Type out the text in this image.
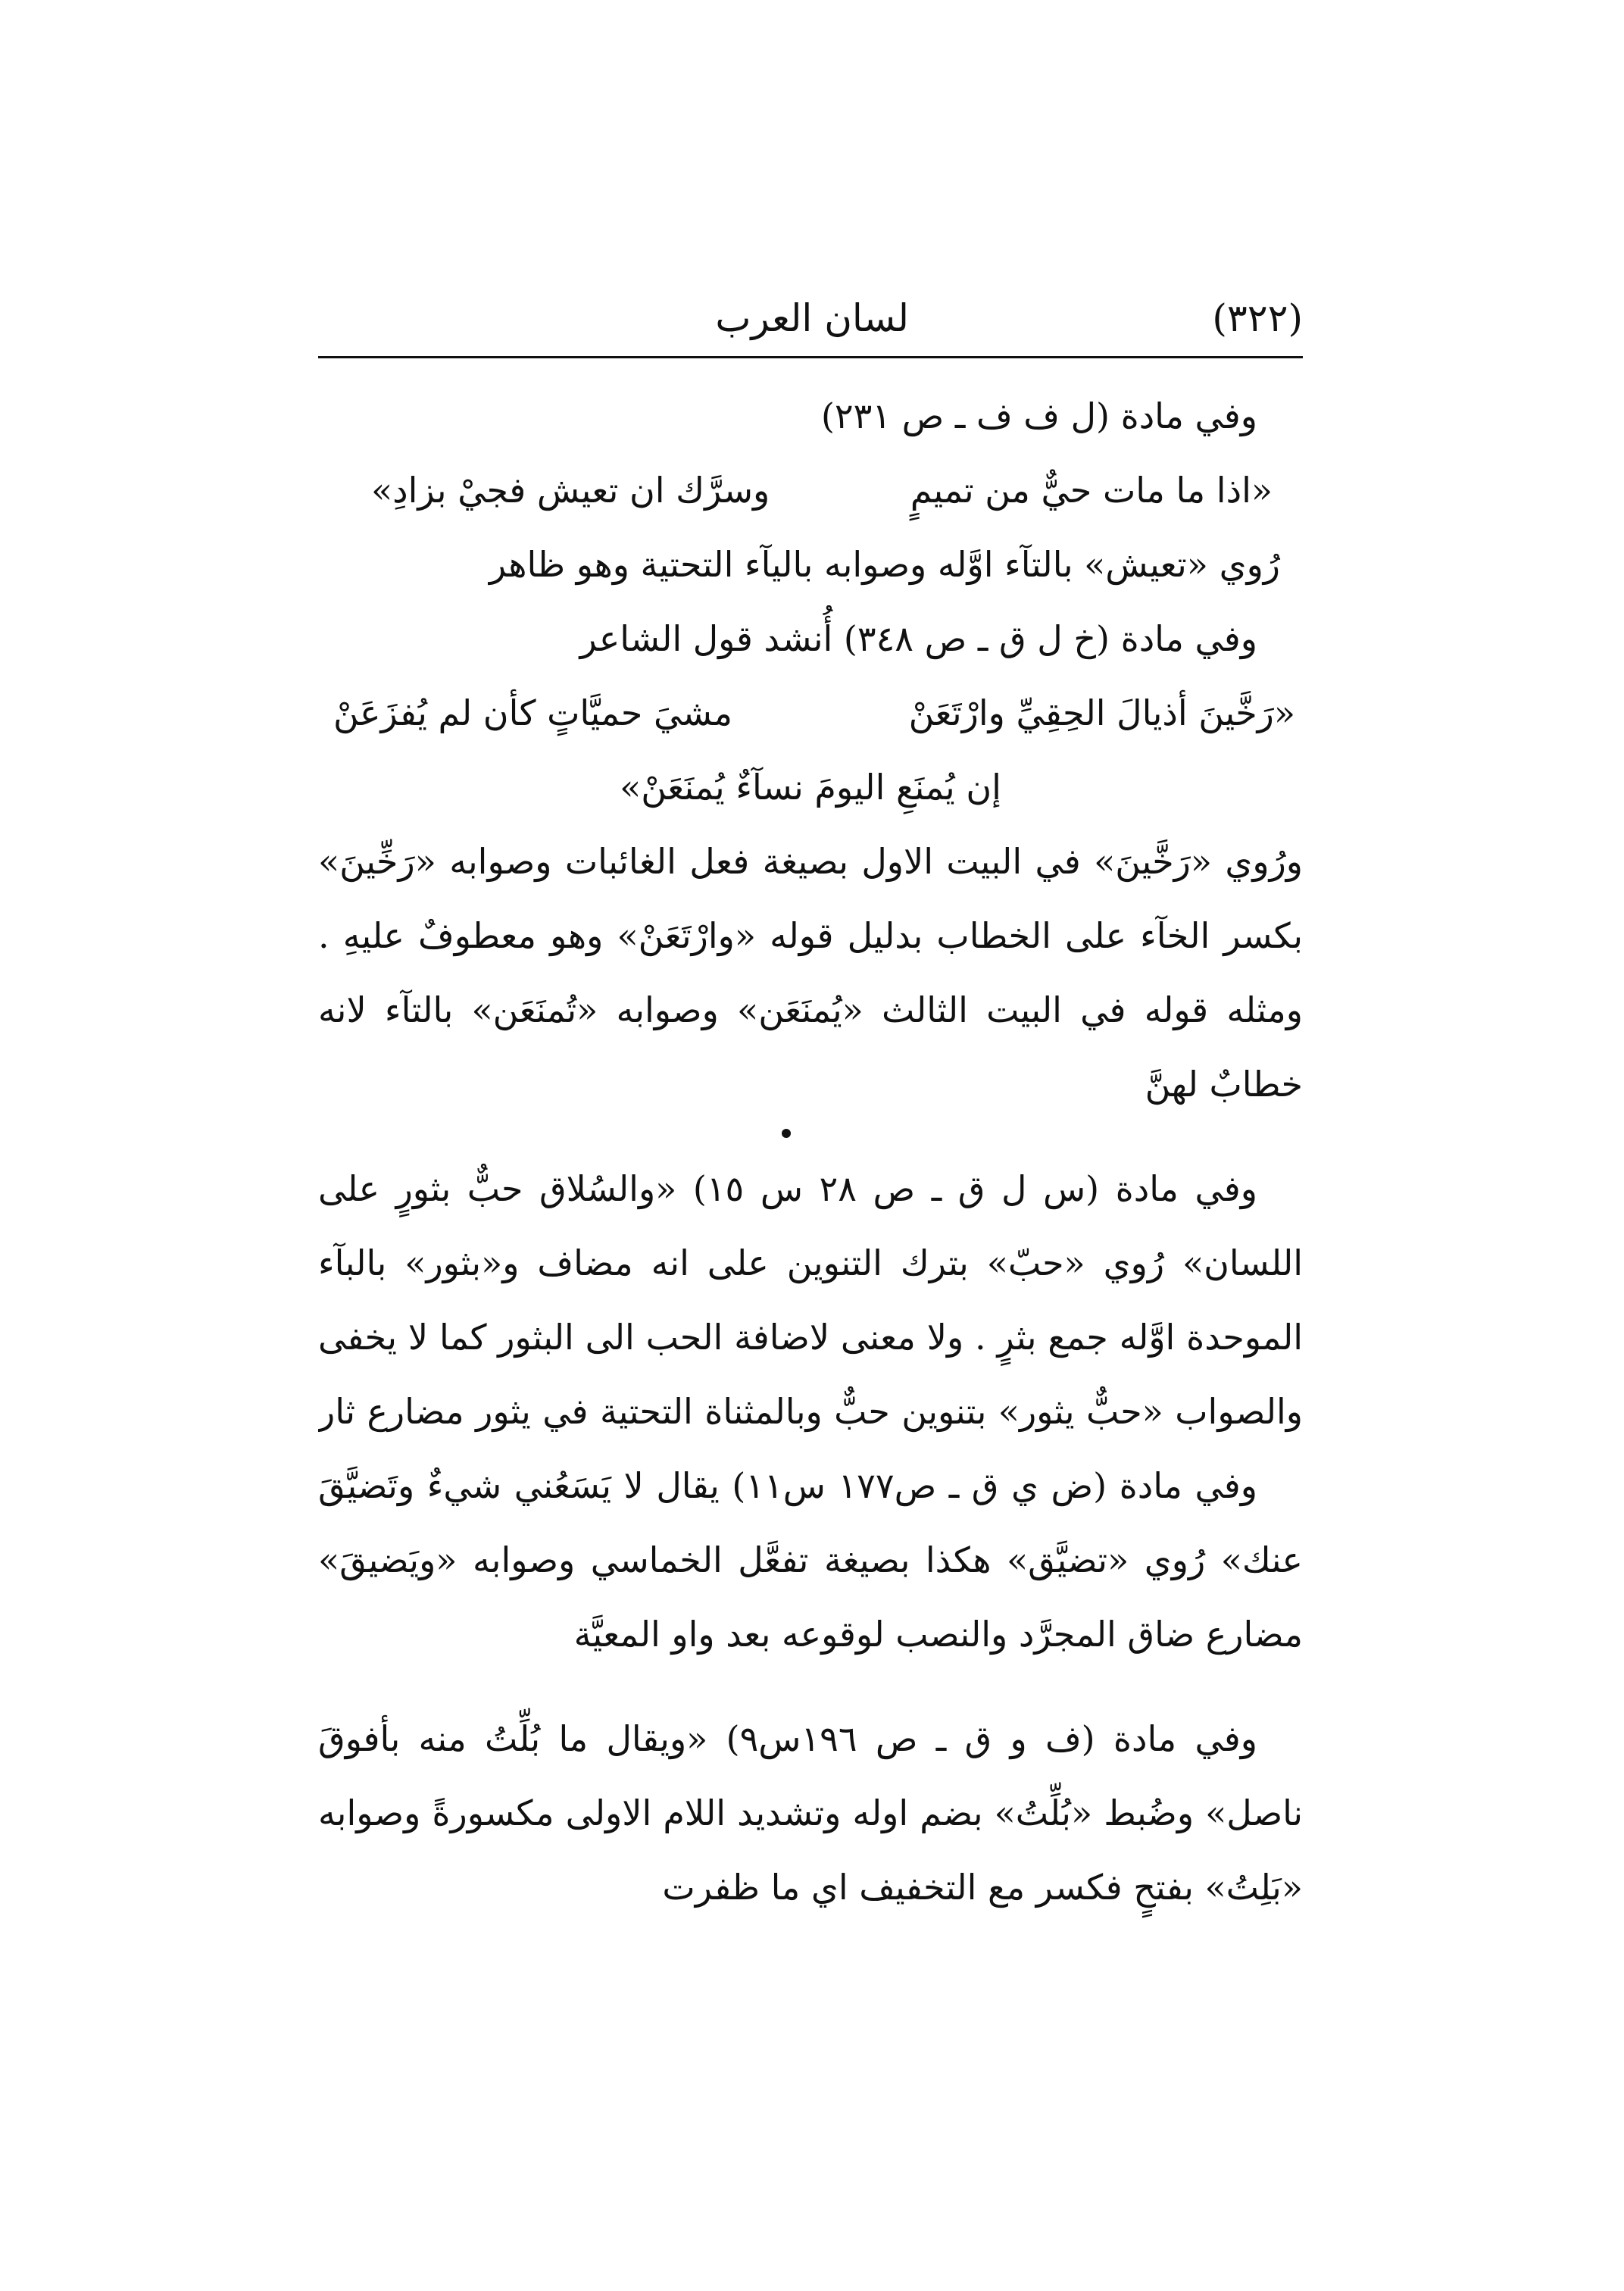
(٣٢٢)
لسان العرب
وفي مادة (ل ف ف ـ ص ٢٣١)
«اذا ما مات حيٌّ من تميمٍ
وسرَّك ان تعيش فجيْ بزادِ»
رُوي «تعيش» بالتآء اوَّله وصوابه باليآء التحتية وهو ظاهر
وفي مادة (خ ل ق ـ ص ٣٤٨) أُنشد قول الشاعر
«رَخَّينَ أذيالَ الحِقِيِّ وارْتَعَنْ
مشيَ حميَّاتٍ كأن لم يُفزَعَنْ
إن يُمنَعِ اليومَ نسآءٌ يُمنَعَنْ»
ورُوي «رَخَّينَ» في البيت الاول بصيغة فعل الغائبات وصوابه «رَخِّينَ»
بكسر الخآء على الخطاب بدليل قوله «وارْتَعَنْ» وهو معطوفٌ عليهِ .
ومثله قوله في البيت الثالث «يُمنَعَن» وصوابه «تُمنَعَن» بالتآء لانه
خطابٌ لهنَّ
وفي مادة (س ل ق ـ ص ٢٨ س ١٥) «والسُلاق حبٌّ بثورٍ على
اللسان» رُوي «حبّ» بترك التنوين على انه مضاف و«بثور» بالبآء
الموحدة اوَّله جمع بثرٍ . ولا معنى لاضافة الحب الى البثور كما لا يخفى
والصواب «حبٌّ يثور» بتنوين حبٌّ وبالمثناة التحتية في يثور مضارع ثار
وفي مادة (ض ي ق ـ ص١٧٧ س١١) يقال لا يَسَعُني شيءٌ وتَضيَّقَ
عنك» رُوي «تضيَّق» هكذا بصيغة تفعَّل الخماسي وصوابه «ويَضيقَ»
مضارع ضاق المجرَّد والنصب لوقوعه بعد واو المعيَّة
وفي مادة (ف و ق ـ ص ١٩٦س٩) «ويقال ما بُلِّتُ منه بأفوقَ
ناصل» وضُبط «بُلِّتُ» بضم اوله وتشديد اللام الاولى مكسورةً وصوابه
«بَلِتُ» بفتحٍ فكسر مع التخفيف اي ما ظفرت
